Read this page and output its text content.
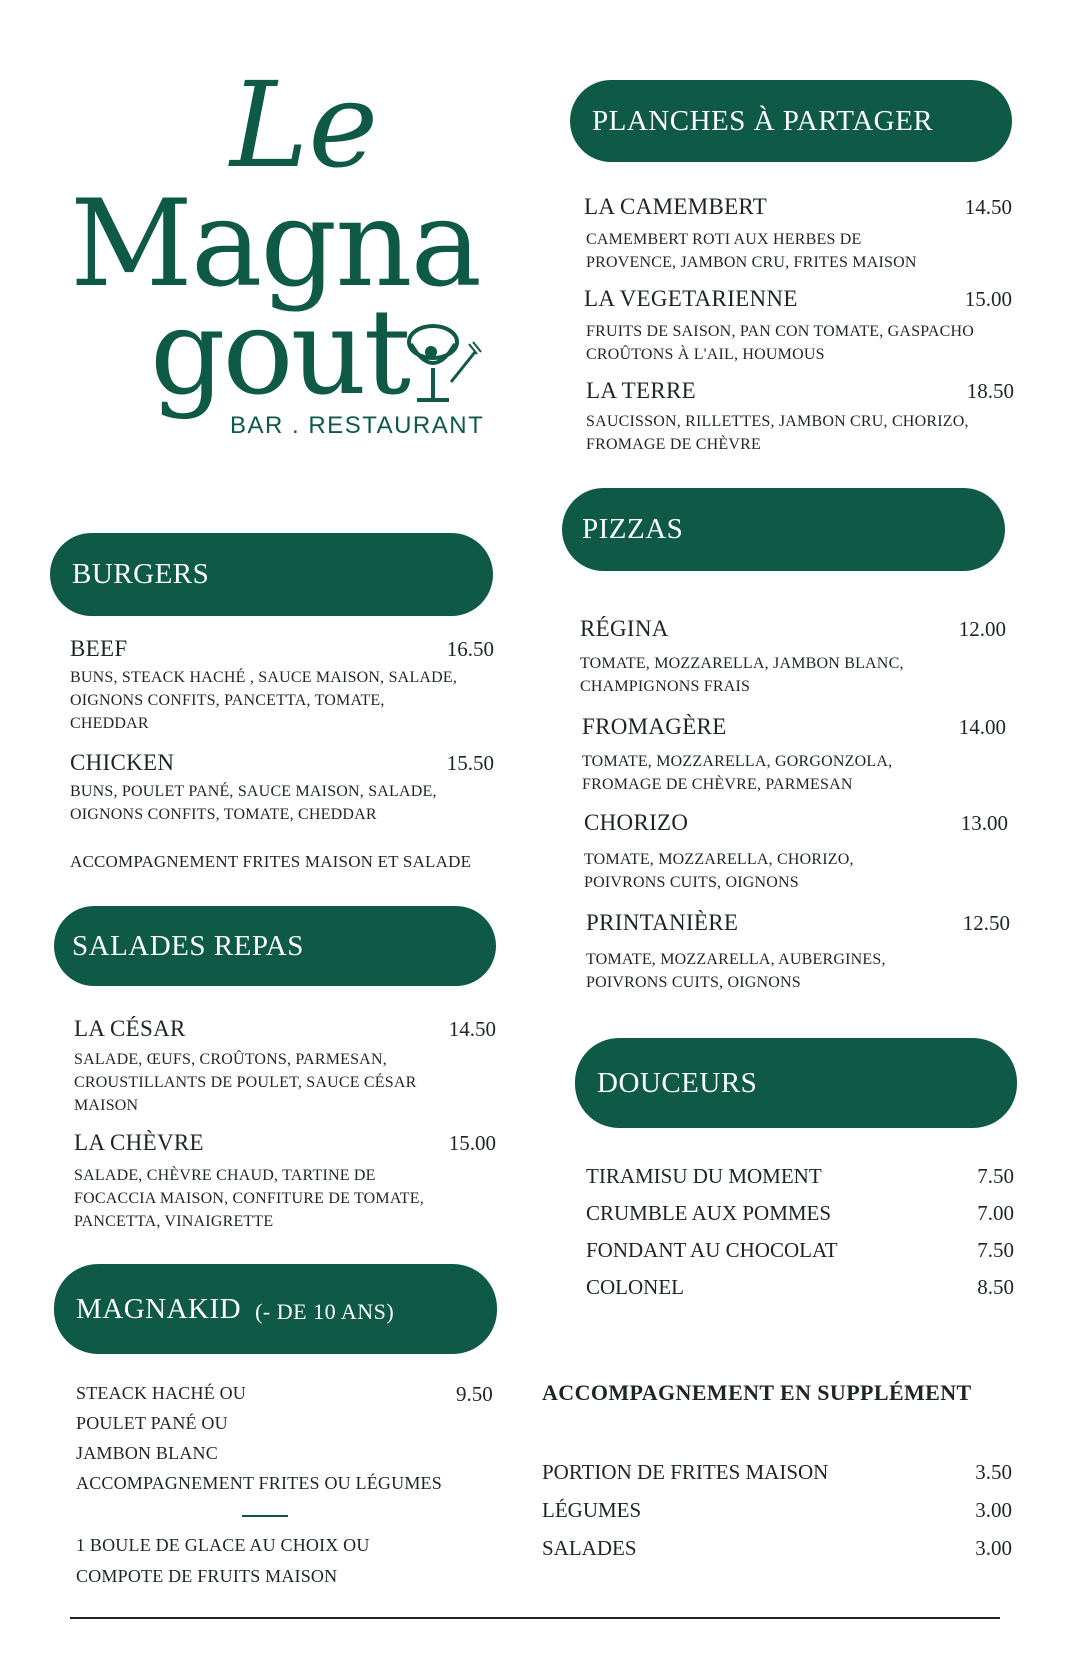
Le
Magna
gout
BAR . RESTAURANT
PLANCHES À PARTAGER
LA CAMEMBERT	14.50
CAMEMBERT ROTI AUX HERBES DE
PROVENCE, JAMBON CRU, FRITES MAISON
LA VEGETARIENNE	15.00
FRUITS DE SAISON, PAN CON TOMATE, GASPACHO
CROÛTONS À L'AIL, HOUMOUS
LA TERRE	18.50
SAUCISSON, RILLETTES, JAMBON CRU, CHORIZO,
FROMAGE DE CHÈVRE
BURGERS
BEEF	16.50
BUNS, STEACK HACHÉ , SAUCE MAISON, SALADE,
OIGNONS CONFITS, PANCETTA, TOMATE,
CHEDDAR
CHICKEN	15.50
BUNS, POULET PANÉ, SAUCE MAISON, SALADE,
OIGNONS CONFITS, TOMATE, CHEDDAR
ACCOMPAGNEMENT FRITES MAISON ET SALADE
SALADES REPAS
LA CÉSAR	14.50
SALADE, ŒUFS, CROÛTONS, PARMESAN,
CROUSTILLANTS DE POULET, SAUCE CÉSAR
MAISON
LA CHÈVRE	15.00
SALADE, CHÈVRE CHAUD, TARTINE DE
FOCACCIA MAISON, CONFITURE DE TOMATE,
PANCETTA, VINAIGRETTE
MAGNAKID (- DE 10 ANS)
STEACK HACHÉ OU
POULET PANÉ OU
JAMBON BLANC
ACCOMPAGNEMENT FRITES OU LÉGUMES
9.50
1 BOULE DE GLACE AU CHOIX OU
COMPOTE DE FRUITS MAISON
PIZZAS
RÉGINA	12.00
TOMATE, MOZZARELLA, JAMBON BLANC,
CHAMPIGNONS FRAIS
FROMAGÈRE	14.00
TOMATE, MOZZARELLA, GORGONZOLA,
FROMAGE DE CHÈVRE, PARMESAN
CHORIZO	13.00
TOMATE, MOZZARELLA, CHORIZO,
POIVRONS CUITS, OIGNONS
PRINTANIÈRE	12.50
TOMATE, MOZZARELLA, AUBERGINES,
POIVRONS CUITS, OIGNONS
DOUCEURS
TIRAMISU DU MOMENT	7.50
CRUMBLE AUX POMMES	7.00
FONDANT AU CHOCOLAT	7.50
COLONEL	8.50
ACCOMPAGNEMENT EN SUPPLÉMENT
PORTION DE FRITES MAISON	3.50
LÉGUMES	3.00
SALADES	3.00
